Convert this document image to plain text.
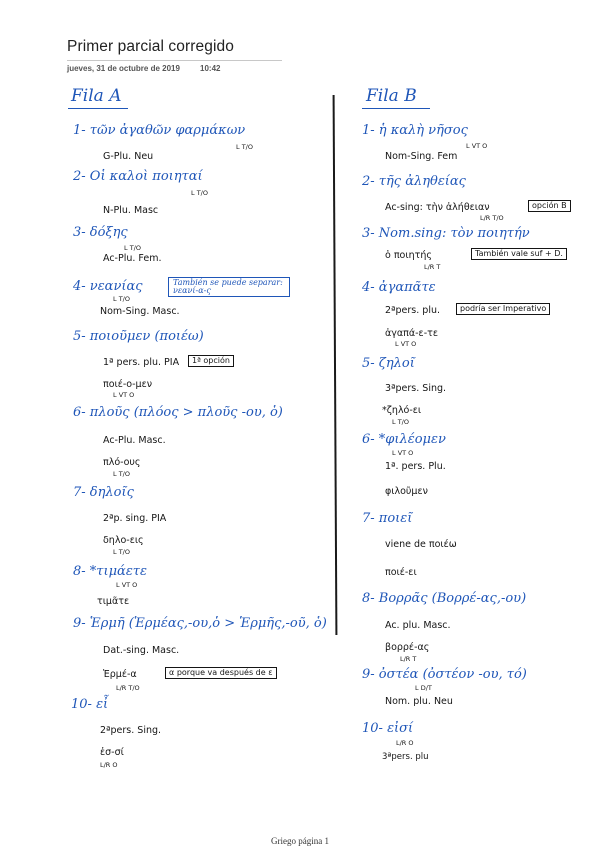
Primer parcial corregido
jueves, 31 de octubre de 2019	10:42
Fila A
1- τῶν ἀγαθῶν φαρμάκων
L T/O
G-Plu. Neu
2- Οἱ καλοὶ ποιηταί
L T/O
N-Plu. Masc
3- δόξης
L T/O
Ac-Plu. Fem.
4- νεανίας
L T/O
También se puede separar: νεανί-α-ς
Nom-Sing. Masc.
5- ποιοῦμεν (ποιέω)
1ª pers. plu. PIA	1ª opción
ποιέ-ο-μεν
L VT O
6- πλοῦς (πλόος > πλοῦς -ου, ὁ)
Ac-Plu. Masc.
πλό-ους
L T/O
7- δηλοῖς
2ªp. sing. PIA
δηλο-εις
L T/O
8- *τιμάετε
L VT O
τιμᾶτε
9- Ἑρμῆ (Ἑρμέας,-ου,ὁ > Ἑρμῆς,-οῦ, ὁ)
Dat.-sing. Masc.
Ἑρμέ-α	α porque va después de ε
L/R T/O
10- εἶ
2ªpers. Sing.
ἐσ-σί
L/R O
Fila B
1- ἡ καλὴ νῆσος
L VT O
Nom-Sing. Fem
2- τῆς ἀληθείας
Ac-sing: τὴν ἀλήθειαν	opción B
L/R T/O
3- Nom.sing: τὸν ποιητήν
ὁ ποιητής	También vale suf + D.
L/R T
4- ἀγαπᾶτε
2ªpers. plu.	podría ser Imperativo
ἀγαπά-ε-τε
L VT O
5- ζηλοῖ
3ªpers. Sing.
*ζηλό-ει
L T/O
6- *φιλέομεν
L VT O
1ª. pers. Plu.
φιλοῦμεν
7- ποιεῖ
viene de ποιέω
ποιέ-ει
8- Βορρᾶς (Βορρέ-ας,-ου)
Ac. plu. Masc.
βορρέ-ας
L/R T
9- ὀστέα (ὀστέον -ου, τό)
L D/T
Nom. plu. Neu
10- εἰσί
L/R O
3ªpers. plu
Griego página 1
